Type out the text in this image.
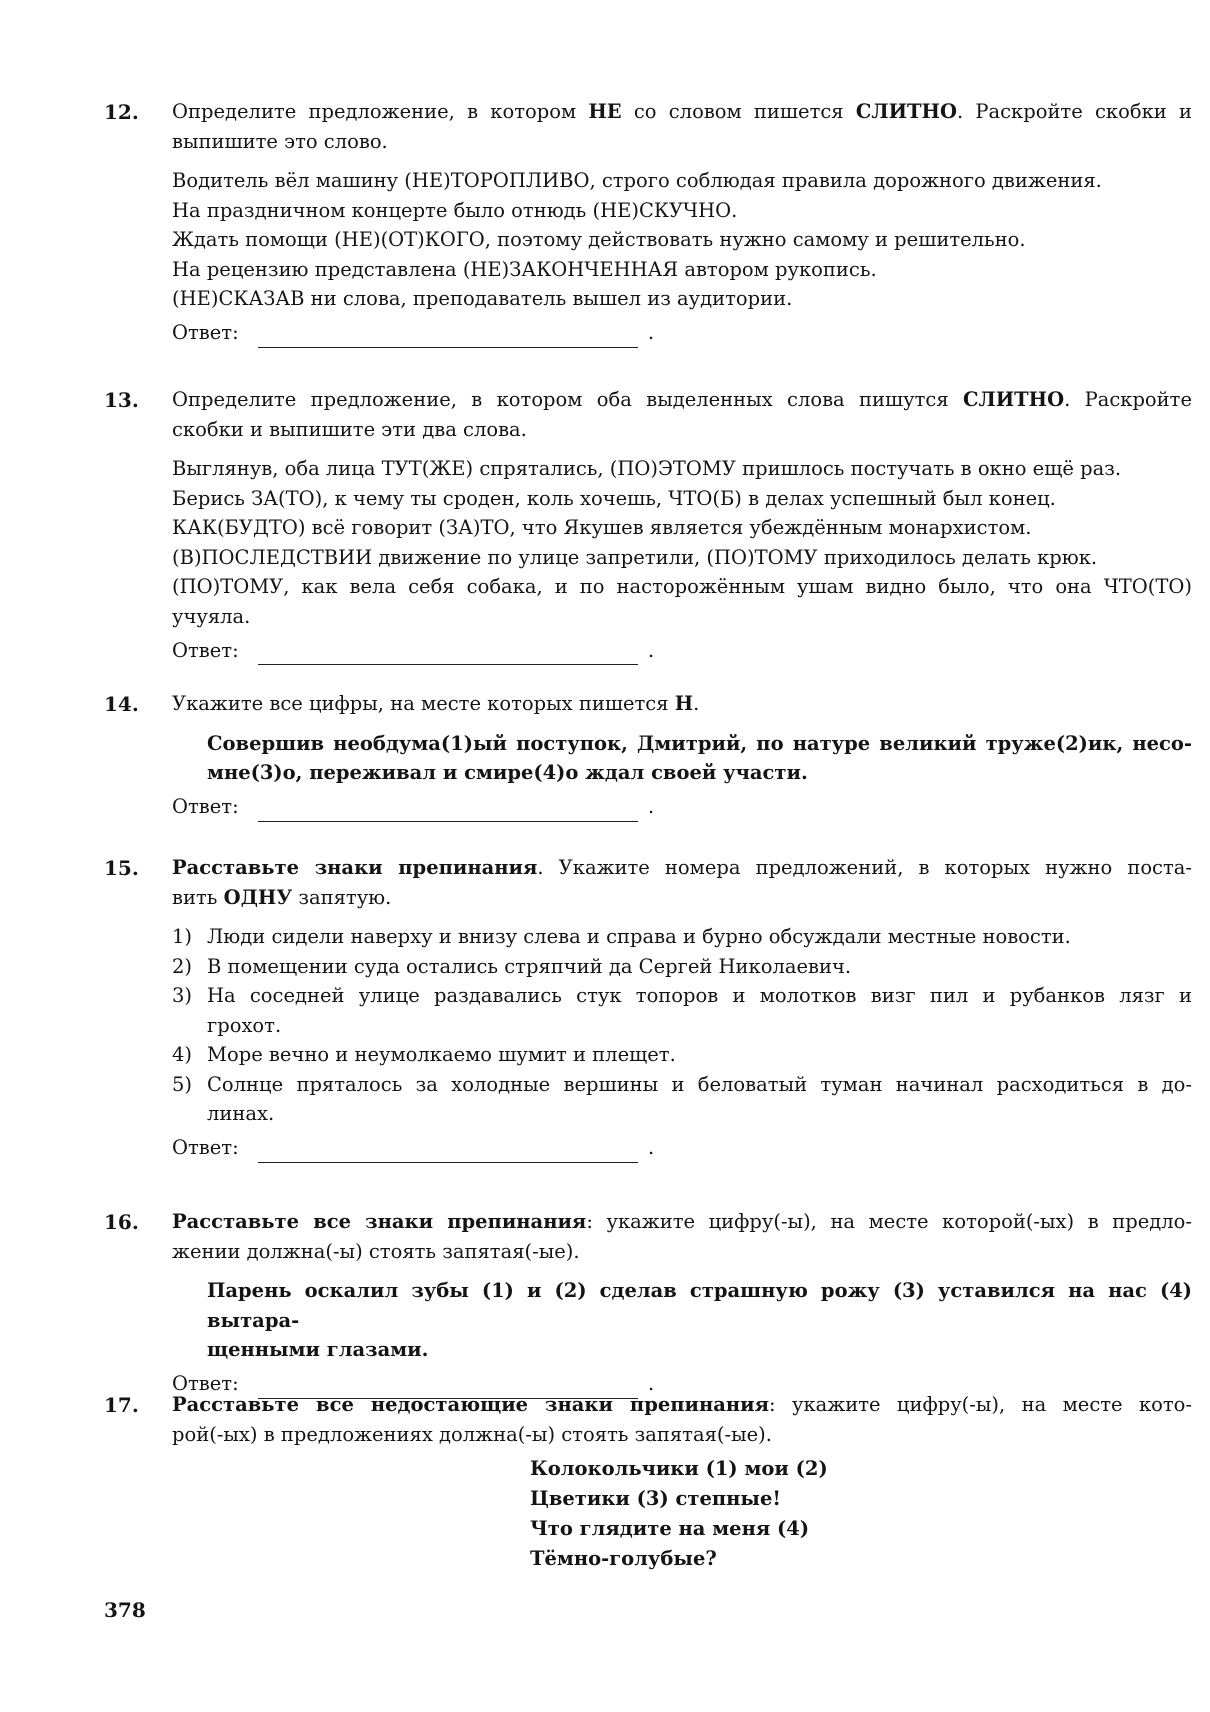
12. Определите предложение, в котором НЕ со словом пишется СЛИТНО. Раскройте скобки и
выпишите это слово.
Водитель вёл машину (НЕ)ТОРОПЛИВО, строго соблюдая правила дорожного движения.
На праздничном концерте было отнюдь (НЕ)СКУЧНО.
Ждать помощи (НЕ)(ОТ)КОГО, поэтому действовать нужно самому и решительно.
На рецензию представлена (НЕ)ЗАКОНЧЕННАЯ автором рукопись.
(НЕ)СКАЗАВ ни слова, преподаватель вышел из аудитории.
Ответ:	.
13. Определите предложение, в котором оба выделенных слова пишутся СЛИТНО. Раскройте
скобки и выпишите эти два слова.
Выглянув, оба лица ТУТ(ЖЕ) спрятались, (ПО)ЭТОМУ пришлось постучать в окно ещё раз.
Берись ЗА(ТО), к чему ты сроден, коль хочешь, ЧТО(Б) в делах успешный был конец.
КАК(БУДТО) всё говорит (ЗА)ТО, что Якушев является убеждённым монархистом.
(В)ПОСЛЕДСТВИИ движение по улице запретили, (ПО)ТОМУ приходилось делать крюк.
(ПО)ТОМУ, как вела себя собака, и по насторожённым ушам видно было, что она ЧТО(ТО)
учуяла.
Ответ:	.
14. Укажите все цифры, на месте которых пишется Н.
Совершив необдума(1)ый поступок, Дмитрий, по натуре великий труже(2)ик, несо-
мне(3)о, переживал и смире(4)о ждал своей участи.
Ответ:	.
15. Расставьте знаки препинания. Укажите номера предложений, в которых нужно поста-
вить ОДНУ запятую.
1) Люди сидели наверху и внизу слева и справа и бурно обсуждали местные новости.
2) В помещении суда остались стряпчий да Сергей Николаевич.
3) На соседней улице раздавались стук топоров и молотков визг пил и рубанков лязг и
грохот.
4) Море вечно и неумолкаемо шумит и плещет.
5) Солнце пряталось за холодные вершины и беловатый туман начинал расходиться в до-
линах.
Ответ:	.
16. Расставьте все знаки препинания: укажите цифру(-ы), на месте которой(-ых) в предло-
жении должна(-ы) стоять запятая(-ые).
Парень оскалил зубы (1) и (2) сделав страшную рожу (3) уставился на нас (4) вытара-
щенными глазами.
Ответ:	.
17. Расставьте все недостающие знаки препинания: укажите цифру(-ы), на месте кото-
рой(-ых) в предложениях должна(-ы) стоять запятая(-ые).
Колокольчики (1) мои (2)
Цветики (3) степные!
Что глядите на меня (4)
Тёмно-голубые?
378
